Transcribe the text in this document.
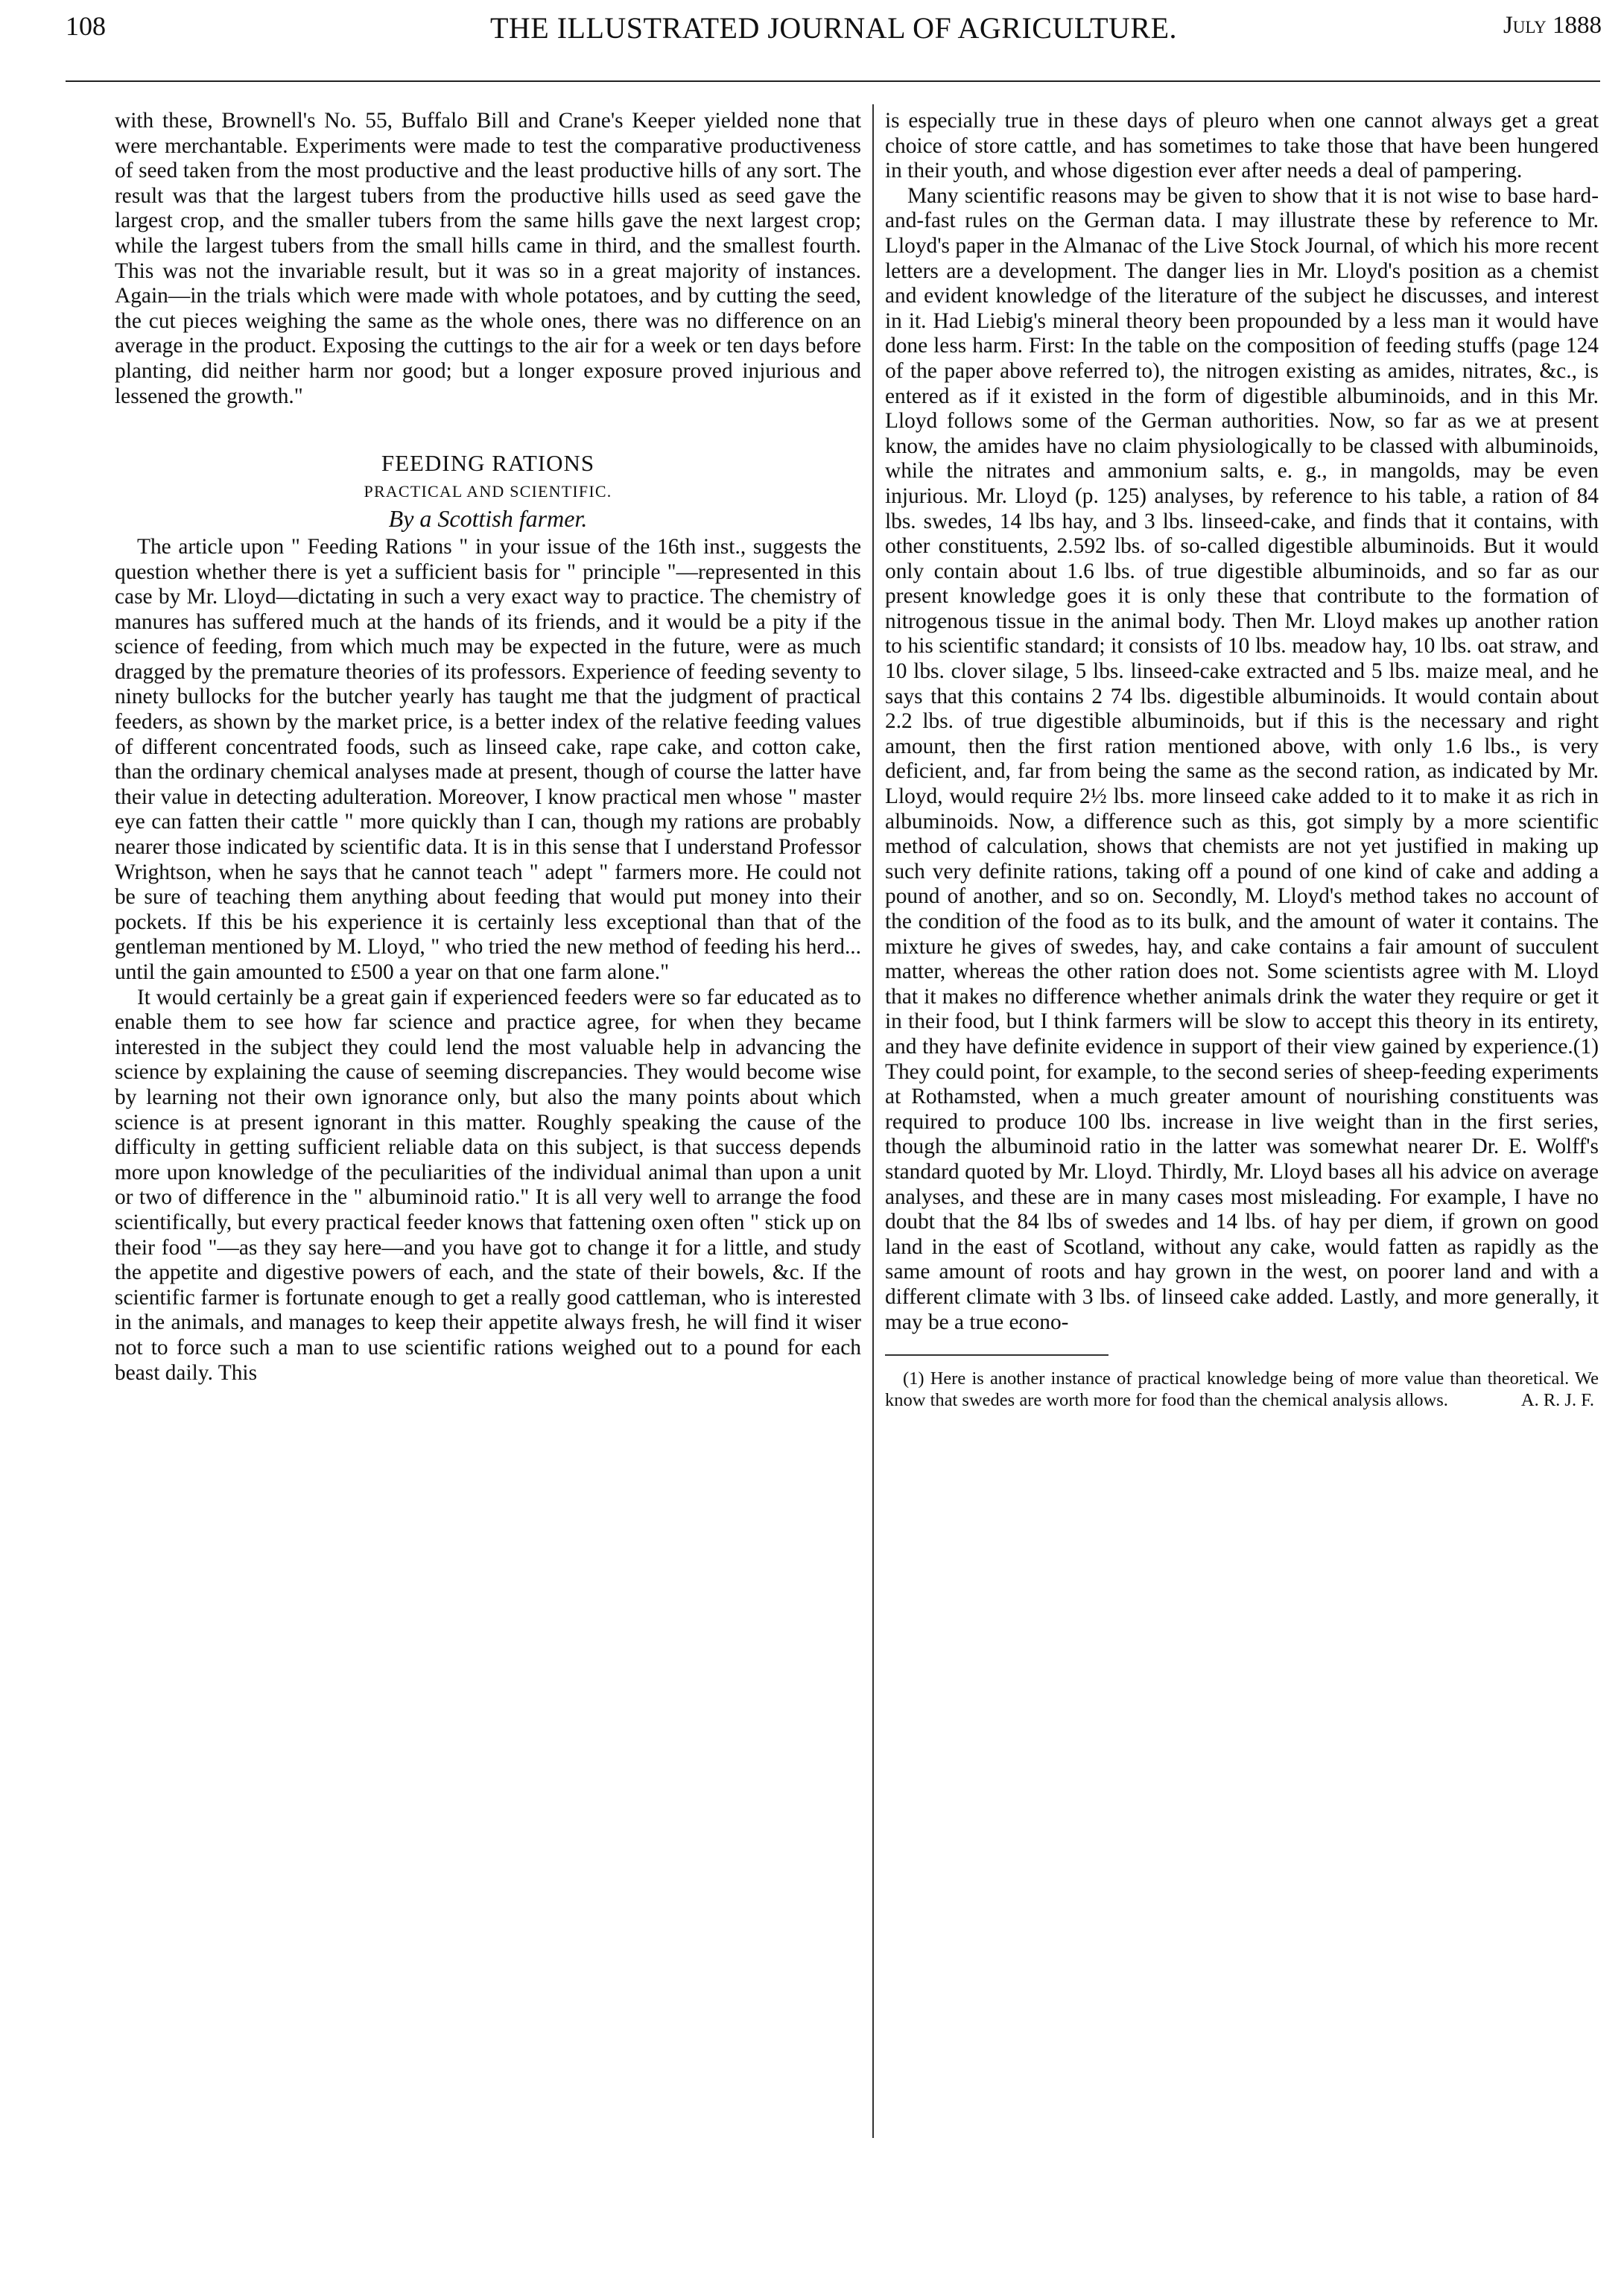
108	THE ILLUSTRATED JOURNAL OF AGRICULTURE.	July 1888

with these, Brownell's No. 55, Buffalo Bill and Crane's Keeper yielded none that were merchantable. Experiments were made to test the comparative productiveness of seed taken from the most productive and the least productive hills of any sort. The result was that the largest tubers from the productive hills used as seed gave the largest crop, and the smaller tubers from the same hills gave the next largest crop; while the largest tubers from the small hills came in third, and the smallest fourth. This was not the invariable result, but it was so in a great majority of instances. Again—in the trials which were made with whole potatoes, and by cutting the seed, the cut pieces weighing the same as the whole ones, there was no difference on an average in the product. Exposing the cuttings to the air for a week or ten days before planting, did neither harm nor good; but a longer exposure proved injurious and lessened the growth."

FEEDING RATIONS
PRACTICAL AND SCIENTIFIC.
By a Scottish farmer.

The article upon " Feeding Rations " in your issue of the 16th inst., suggests the question whether there is yet a sufficient basis for " principle "—represented in this case by Mr. Lloyd—dictating in such a very exact way to practice. The chemistry of manures has suffered much at the hands of its friends, and it would be a pity if the science of feeding, from which much may be expected in the future, were as much dragged by the premature theories of its professors. Experience of feeding seventy to ninety bullocks for the butcher yearly has taught me that the judgment of practical feeders, as shown by the market price, is a better index of the relative feeding values of different concentrated foods, such as linseed cake, rape cake, and cotton cake, than the ordinary chemical analyses made at present, though of course the latter have their value in detecting adulteration. Moreover, I know practical men whose " master eye can fatten their cattle " more quickly than I can, though my rations are probably nearer those indicated by scientific data. It is in this sense that I understand Professor Wrightson, when he says that he cannot teach " adept " farmers more. He could not be sure of teaching them anything about feeding that would put money into their pockets. If this be his experience it is certainly less exceptional than that of the gentleman mentioned by M. Lloyd, " who tried the new method of feeding his herd... until the gain amounted to £500 a year on that one farm alone."

It would certainly be a great gain if experienced feeders were so far educated as to enable them to see how far science and practice agree, for when they became interested in the subject they could lend the most valuable help in advancing the science by explaining the cause of seeming discrepancies. They would become wise by learning not their own ignorance only, but also the many points about which science is at present ignorant in this matter. Roughly speaking the cause of the difficulty in getting sufficient reliable data on this subject, is that success depends more upon knowledge of the peculiarities of the individual animal than upon a unit or two of difference in the " albuminoid ratio." It is all very well to arrange the food scientifically, but every practical feeder knows that fattening oxen often " stick up on their food "—as they say here—and you have got to change it for a little, and study the appetite and digestive powers of each, and the state of their bowels, &c. If the scientific farmer is fortunate enough to get a really good cattleman, who is interested in the animals, and manages to keep their appetite always fresh, he will find it wiser not to force such a man to use scientific rations weighed out to a pound for each beast daily. This

is especially true in these days of pleuro when one cannot always get a great choice of store cattle, and has sometimes to take those that have been hungered in their youth, and whose digestion ever after needs a deal of pampering.

Many scientific reasons may be given to show that it is not wise to base hard-and-fast rules on the German data. I may illustrate these by reference to Mr. Lloyd's paper in the Almanac of the Live Stock Journal, of which his more recent letters are a development. The danger lies in Mr. Lloyd's position as a chemist and evident knowledge of the literature of the subject he discusses, and interest in it. Had Liebig's mineral theory been propounded by a less man it would have done less harm. First: In the table on the composition of feeding stuffs (page 124 of the paper above referred to), the nitrogen existing as amides, nitrates, &c., is entered as if it existed in the form of digestible albuminoids, and in this Mr. Lloyd follows some of the German authorities. Now, so far as we at present know, the amides have no claim physiologically to be classed with albuminoids, while the nitrates and ammonium salts, e. g., in mangolds, may be even injurious. Mr. Lloyd (p. 125) analyses, by reference to his table, a ration of 84 lbs. swedes, 14 lbs hay, and 3 lbs. linseed-cake, and finds that it contains, with other constituents, 2.592 lbs. of so-called digestible albuminoids. But it would only contain about 1.6 lbs. of true digestible albuminoids, and so far as our present knowledge goes it is only these that contribute to the formation of nitrogenous tissue in the animal body. Then Mr. Lloyd makes up another ration to his scientific standard; it consists of 10 lbs. meadow hay, 10 lbs. oat straw, and 10 lbs. clover silage, 5 lbs. linseed-cake extracted and 5 lbs. maize meal, and he says that this contains 2 74 lbs. digestible albuminoids. It would contain about 2.2 lbs. of true digestible albuminoids, but if this is the necessary and right amount, then the first ration mentioned above, with only 1.6 lbs., is very deficient, and, far from being the same as the second ration, as indicated by Mr. Lloyd, would require 2½ lbs. more linseed cake added to it to make it as rich in albuminoids. Now, a difference such as this, got simply by a more scientific method of calculation, shows that chemists are not yet justified in making up such very definite rations, taking off a pound of one kind of cake and adding a pound of another, and so on. Secondly, M. Lloyd's method takes no account of the condition of the food as to its bulk, and the amount of water it contains. The mixture he gives of swedes, hay, and cake contains a fair amount of succulent matter, whereas the other ration does not. Some scientists agree with M. Lloyd that it makes no difference whether animals drink the water they require or get it in their food, but I think farmers will be slow to accept this theory in its entirety, and they have definite evidence in support of their view gained by experience.(1) They could point, for example, to the second series of sheep-feeding experiments at Rothamsted, when a much greater amount of nourishing constituents was required to produce 100 lbs. increase in live weight than in the first series, though the albuminoid ratio in the latter was somewhat nearer Dr. E. Wolff's standard quoted by Mr. Lloyd. Thirdly, Mr. Lloyd bases all his advice on average analyses, and these are in many cases most misleading. For example, I have no doubt that the 84 lbs of swedes and 14 lbs. of hay per diem, if grown on good land in the east of Scotland, without any cake, would fatten as rapidly as the same amount of roots and hay grown in the west, on poorer land and with a different climate with 3 lbs. of linseed cake added. Lastly, and more generally, it may be a true econo-

(1) Here is another instance of practical knowledge being of more value than theoretical. We know that swedes are worth more for food than the chemical analysis allows.	A. R. J. F.
